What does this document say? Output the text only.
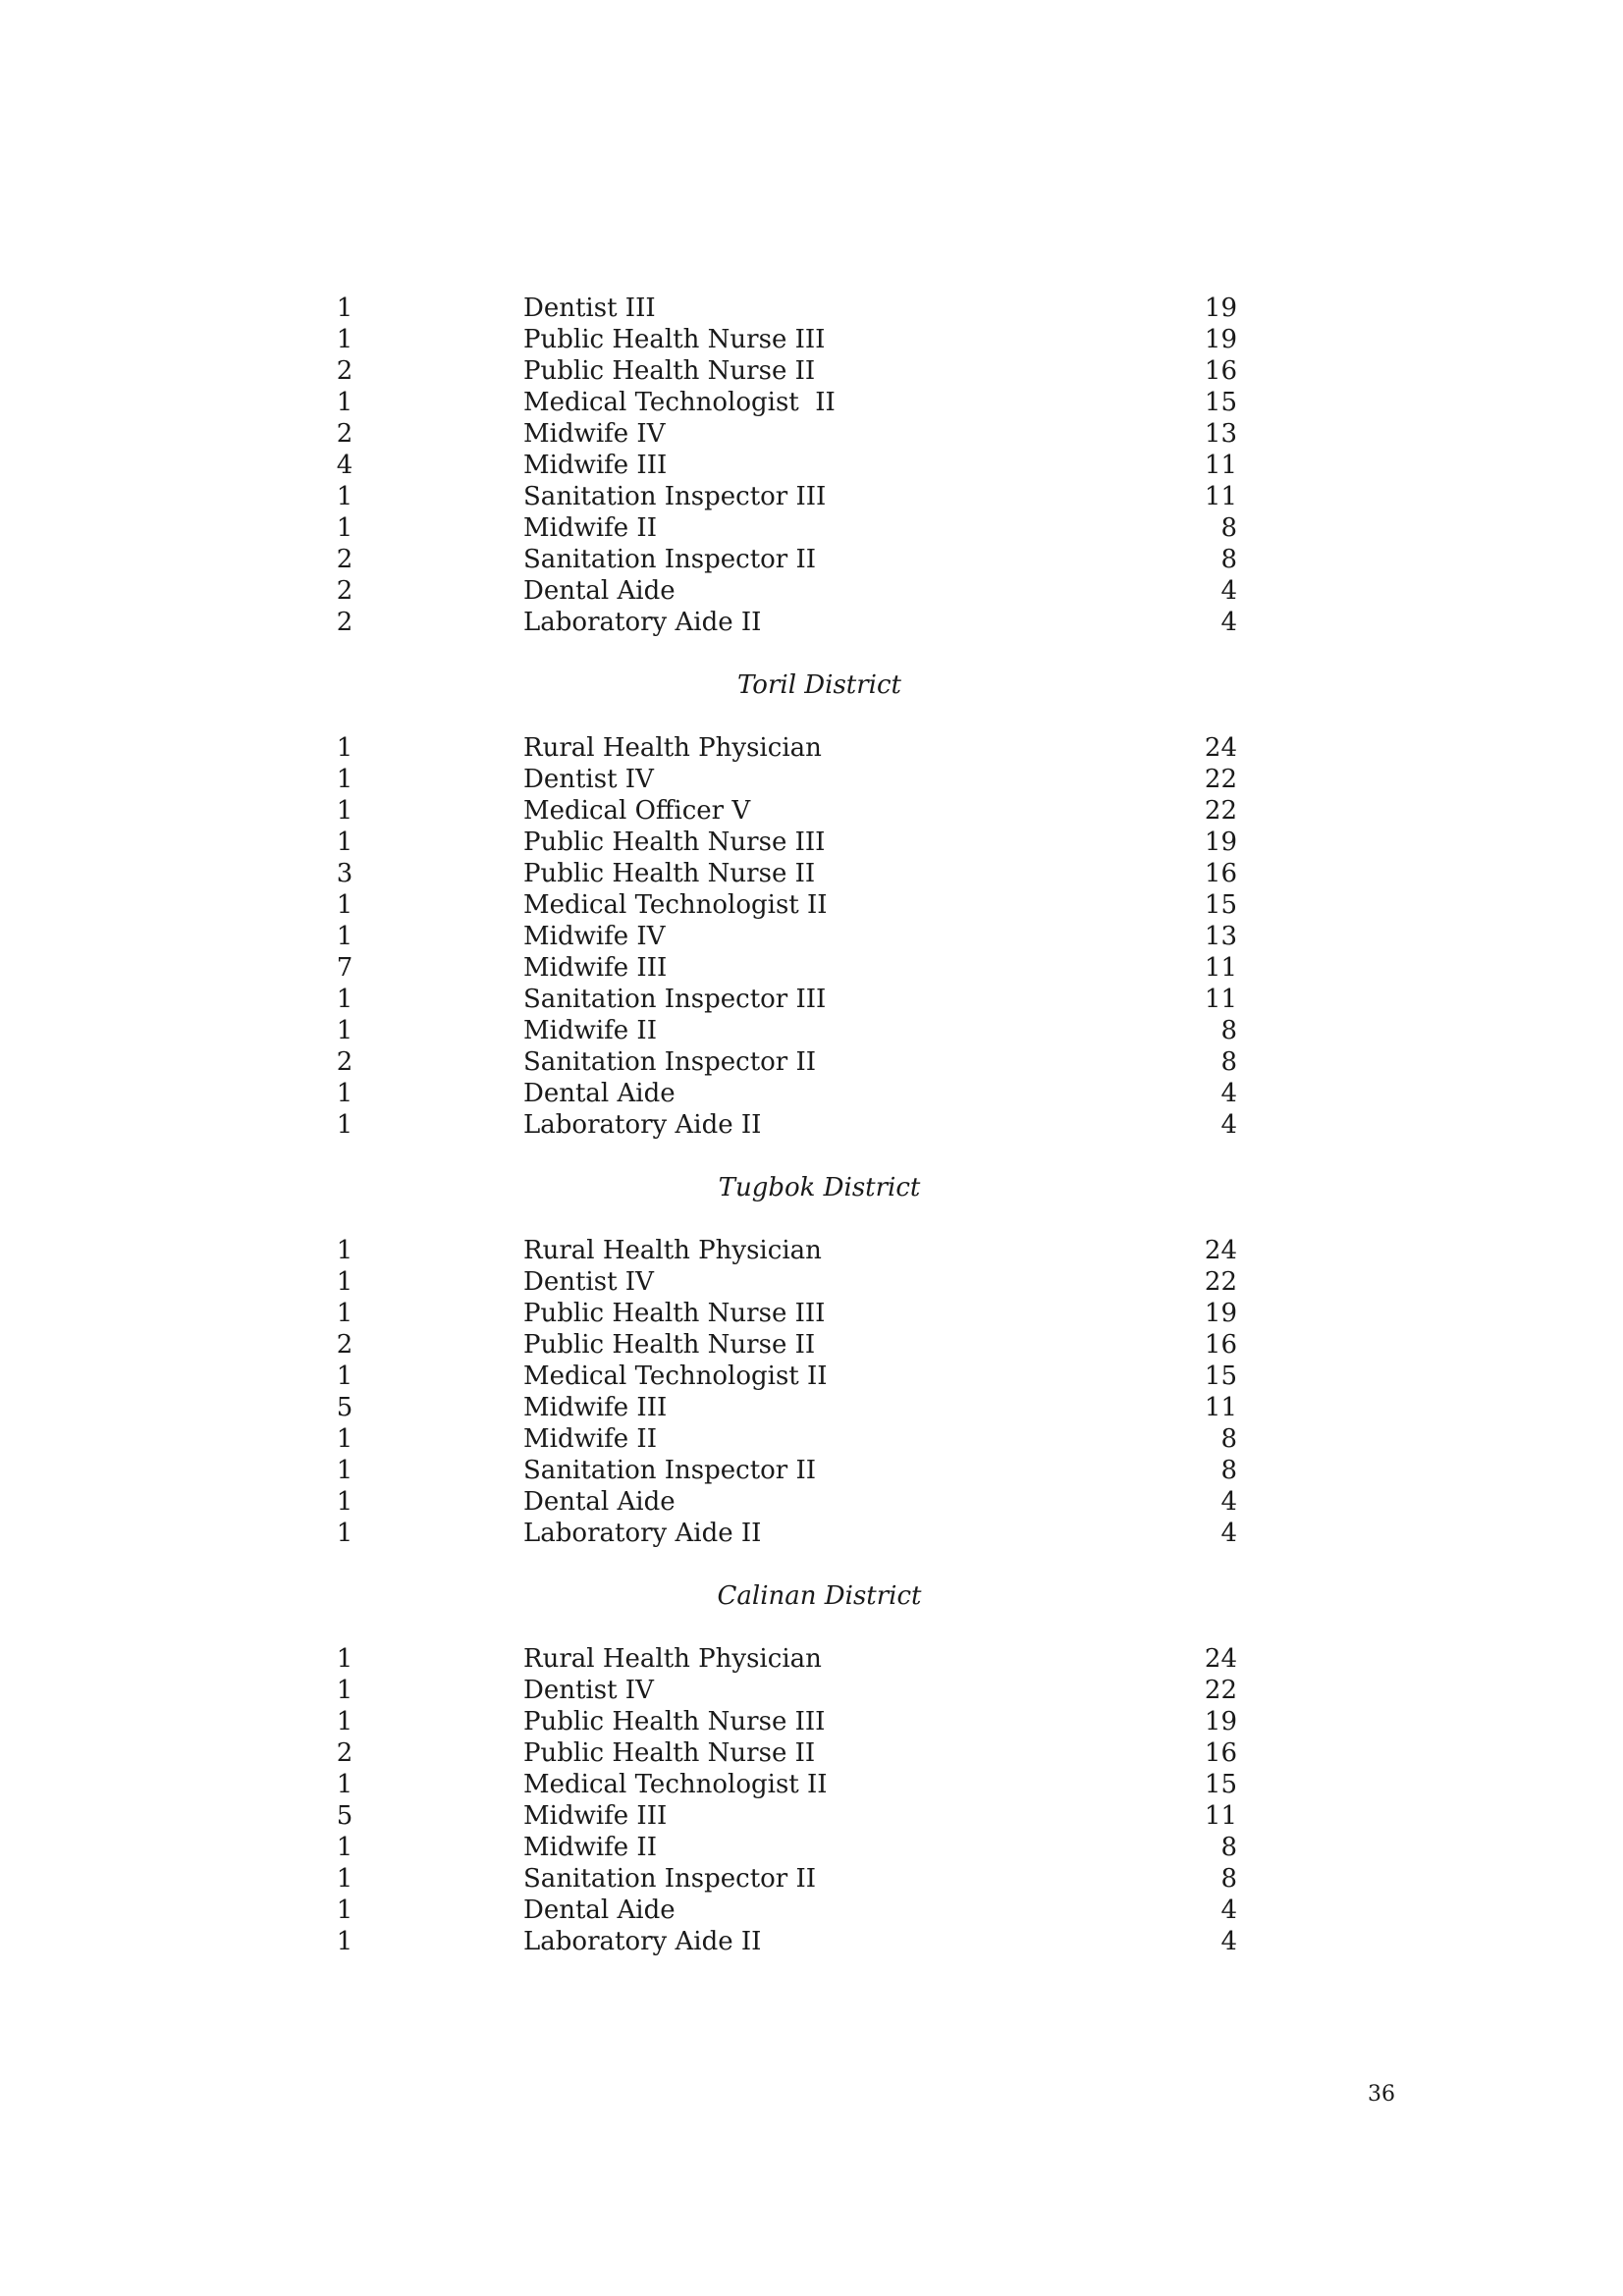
1	Dentist III	19
1	Public Health Nurse III	19
2	Public Health Nurse II	16
1	Medical Technologist  II	15
2	Midwife IV	13
4	Midwife III	11
1	Sanitation Inspector III	11
1	Midwife II	8
2	Sanitation Inspector II	8
2	Dental Aide	4
2	Laboratory Aide II	4
Toril District
1	Rural Health Physician	24
1	Dentist IV	22
1	Medical Officer V	22
1	Public Health Nurse III	19
3	Public Health Nurse II	16
1	Medical Technologist II	15
1	Midwife IV	13
7	Midwife III	11
1	Sanitation Inspector III	11
1	Midwife II	8
2	Sanitation Inspector II	8
1	Dental Aide	4
1	Laboratory Aide II	4
Tugbok District
1	Rural Health Physician	24
1	Dentist IV	22
1	Public Health Nurse III	19
2	Public Health Nurse II	16
1	Medical Technologist II	15
5	Midwife III	11
1	Midwife II	8
1	Sanitation Inspector II	8
1	Dental Aide	4
1	Laboratory Aide II	4
Calinan District
1	Rural Health Physician	24
1	Dentist IV	22
1	Public Health Nurse III	19
2	Public Health Nurse II	16
1	Medical Technologist II	15
5	Midwife III	11
1	Midwife II	8
1	Sanitation Inspector II	8
1	Dental Aide	4
1	Laboratory Aide II	4
36
